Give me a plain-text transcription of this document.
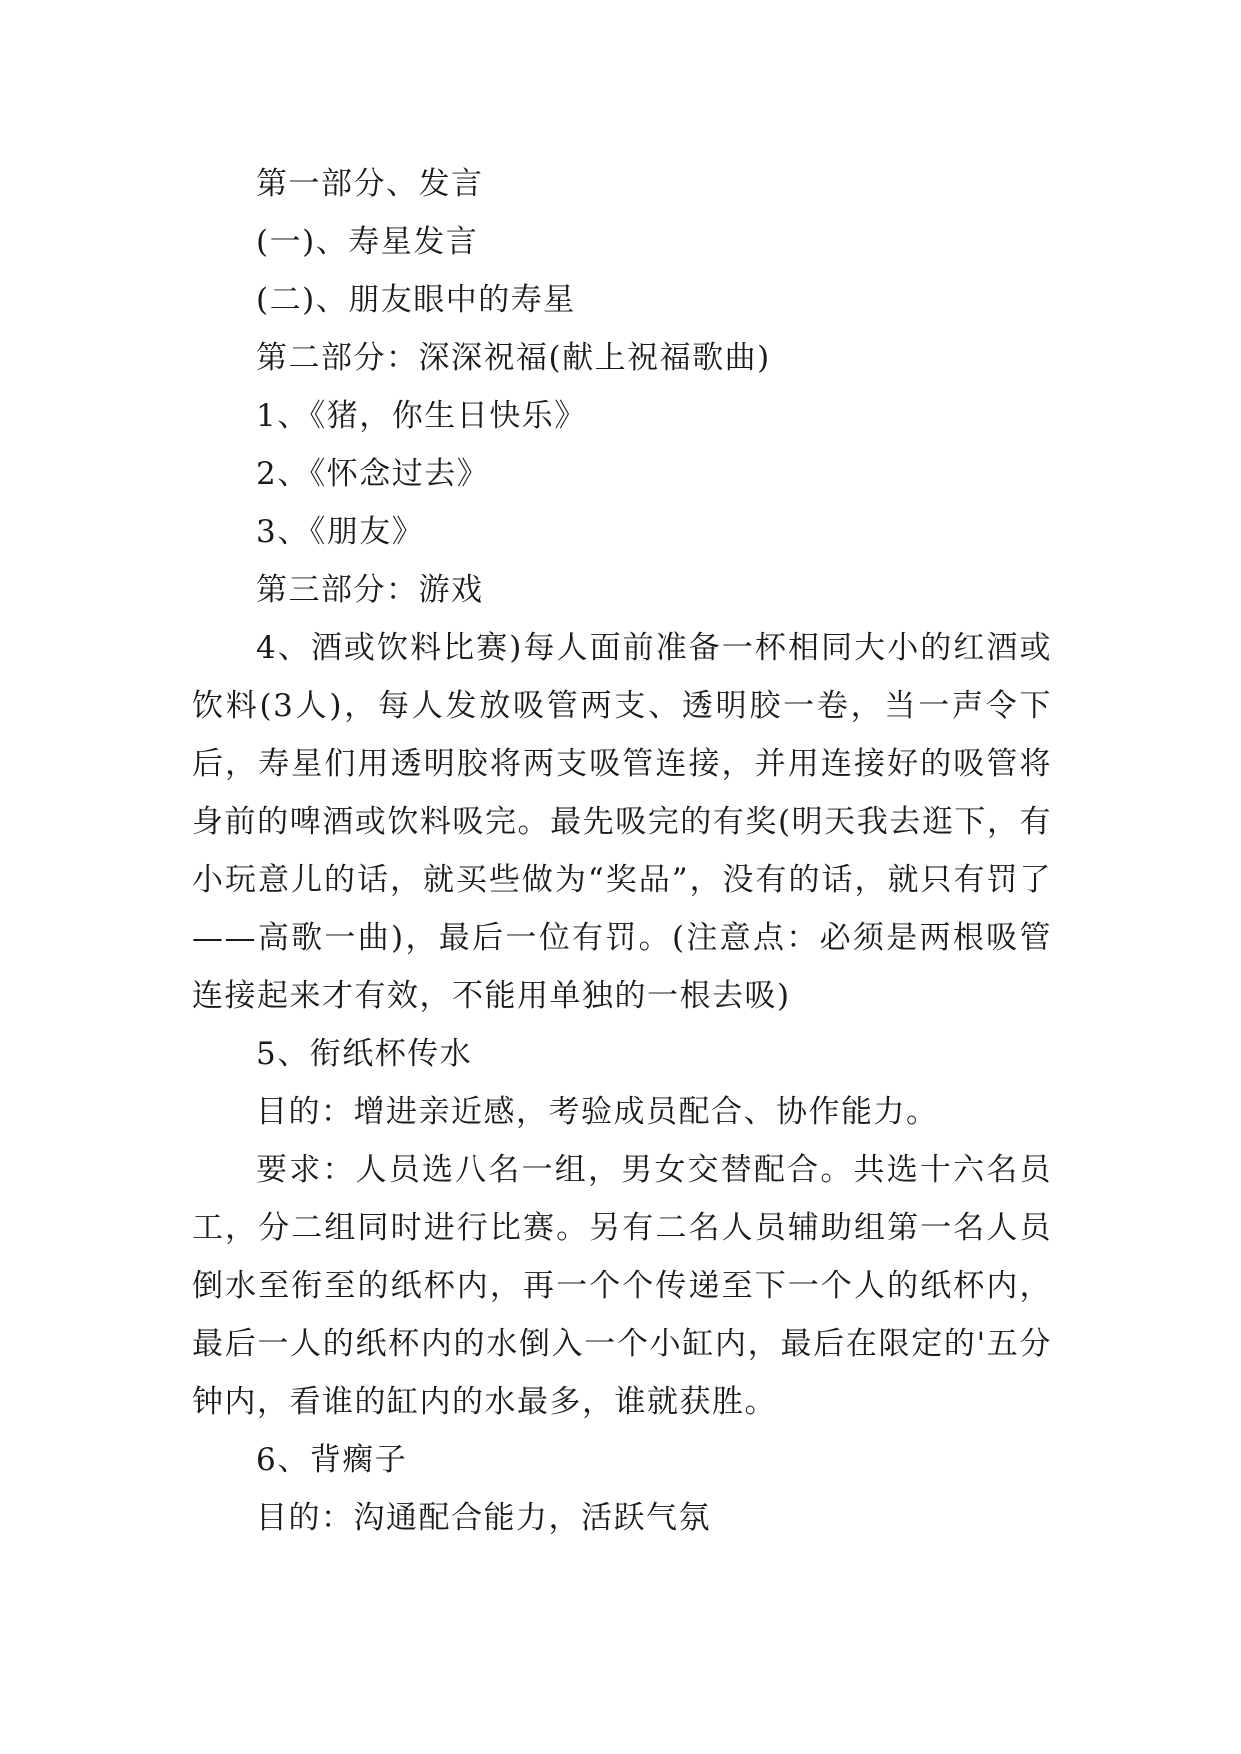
第一部分、发言

(一)、寿星发言

(二)、朋友眼中的寿星

第二部分：深深祝福(献上祝福歌曲)

1、《猪，你生日快乐》

2、《怀念过去》

3、《朋友》

第三部分：游戏

4、酒或饮料比赛)每人面前准备一杯相同大小的红酒或饮料(3人)，每人发放吸管两支、透明胶一卷，当一声令下后，寿星们用透明胶将两支吸管连接，并用连接好的吸管将身前的啤酒或饮料吸完。最先吸完的有奖(明天我去逛下，有小玩意儿的话，就买些做为“奖品”，没有的话，就只有罚了——高歌一曲)，最后一位有罚。(注意点：必须是两根吸管连接起来才有效，不能用单独的一根去吸)

5、衔纸杯传水

目的：增进亲近感，考验成员配合、协作能力。

要求：人员选八名一组，男女交替配合。共选十六名员工，分二组同时进行比赛。另有二名人员辅助组第一名人员倒水至衔至的纸杯内，再一个个传递至下一个人的纸杯内，最后一人的纸杯内的水倒入一个小缸内，最后在限定的'五分钟内，看谁的缸内的水最多，谁就获胜。

6、背瘸子

目的：沟通配合能力，活跃气氛
